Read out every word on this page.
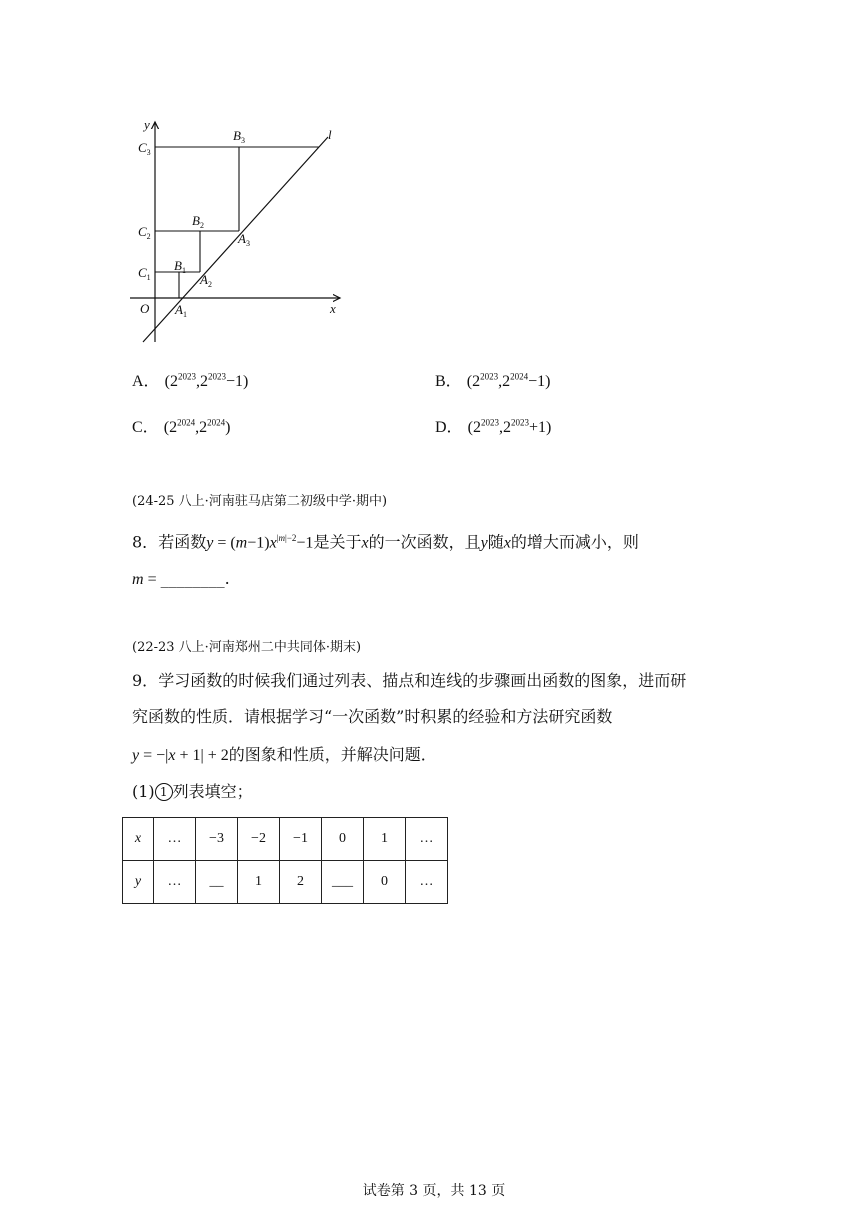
y
x
l
O
$C_3$
$C_2$
$C_1$
$B_3$
$B_2$
$B_1$
$A_3$
$A_2$
$A_1$
A． $(2^{2023},2^{2023}-1)$	B． $(2^{2023},2^{2024}-1)$
C． $(2^{2024},2^{2024})$	D． $(2^{2023},2^{2023}+1)$
(24-25 八上·河南驻马店第二初级中学·期中)
8．若函数$y = (m-1)x^{|m|-2}-1$是关于x的一次函数，且y随x的增大而减小，则
m = ________.
(22-23 八上·河南郑州二中共同体·期末)
9．学习函数的时候我们通过列表、描点和连线的步骤画出函数的图象，进而研
究函数的性质．请根据学习“一次函数”时积累的经验和方法研究函数
y = −|x + 1| + 2的图象和性质，并解决问题．
(1) 1 列表填空；
x	…	−3	−2	−1	0	1	…
y	…	__	1	2	___	0	…
试卷第 3 页，共 13 页
